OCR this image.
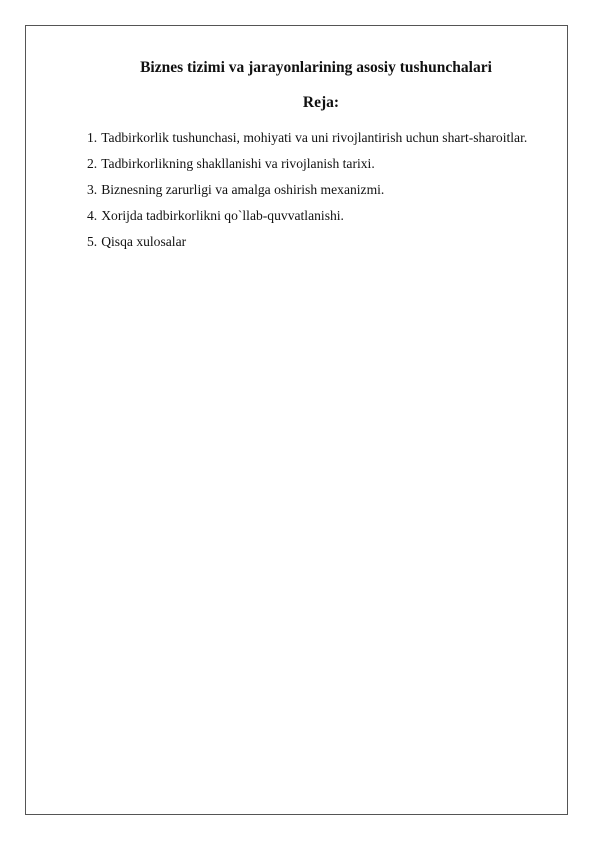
Biznes tizimi va jarayonlarining asosiy tushunchalari
Reja:
1. Tadbirkorlik tushunchasi, mohiyati va uni rivojlantirish uchun shart-sharoitlar.
2. Tadbirkorlikning shakllanishi va rivojlanish tarixi.
3. Biznesning zarurligi va amalga oshirish mexanizmi.
4. Xorijda tadbirkorlikni qo`llab-quvvatlanishi.
5. Qisqa xulosalar
